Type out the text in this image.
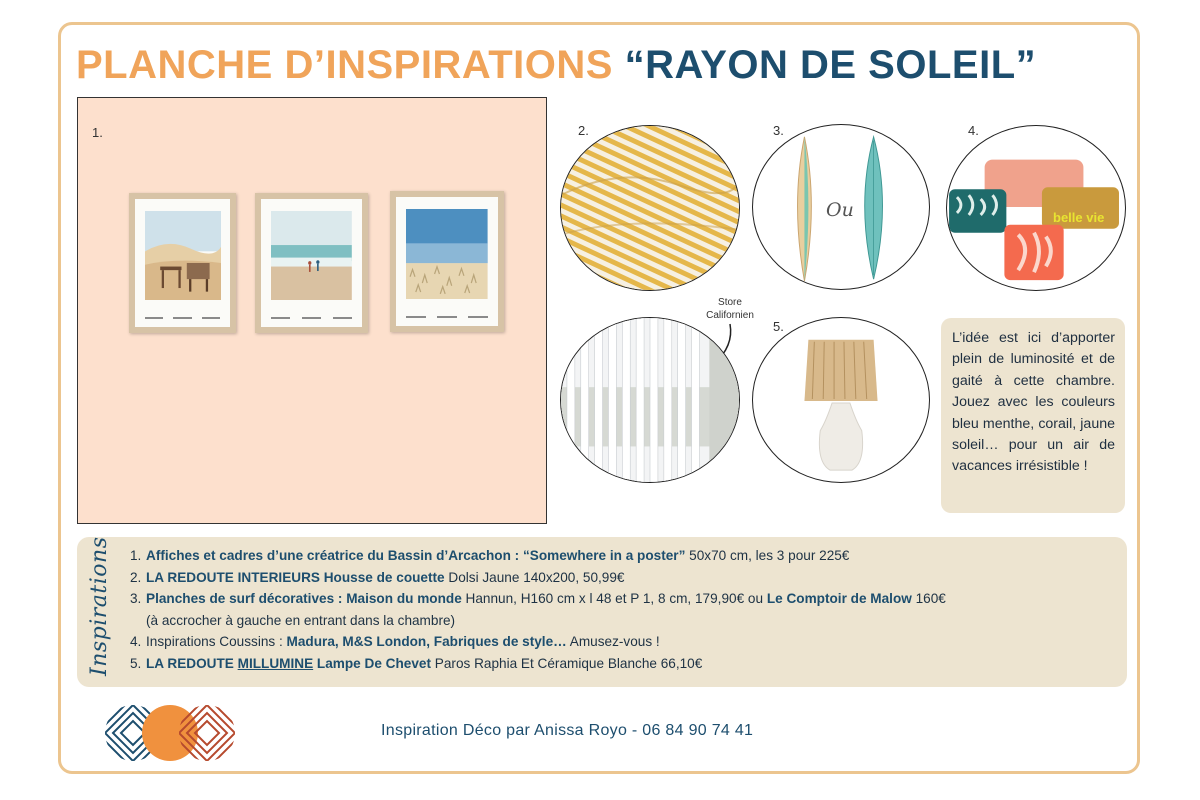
PLANCHE D’INSPIRATIONS “RAYON DE SOLEIL”
1.	2.	3.
Ou
4.
belle vie
Store Californien
5.
L’idée est ici d’apporter plein de luminosité et de gaité à cette chambre. Jouez avec les couleurs bleu menthe, corail, jaune soleil… pour un air de vacances irrésistible !
Inspirations 1. Affiches et cadres d’une créatrice du Bassin d’Arcachon : “Somewhere in a poster” 50x70 cm, les 3 pour 225€
2. LA REDOUTE INTERIEURS Housse de couette Dolsi Jaune 140x200, 50,99€
3. Planches de surf décoratives : Maison du monde Hannun, H160 cm x l 48 et P 1, 8 cm, 179,90€ ou Le Comptoir de Malow 160€
(à accrocher à gauche en entrant dans la chambre)
4. Inspirations Coussins : Madura, M&S London, Fabriques de style… Amusez-vous !
5. LA REDOUTE MILLUMINE Lampe De Chevet Paros Raphia Et Céramique Blanche 66,10€
Inspiration Déco par Anissa Royo - 06 84 90 74 41
